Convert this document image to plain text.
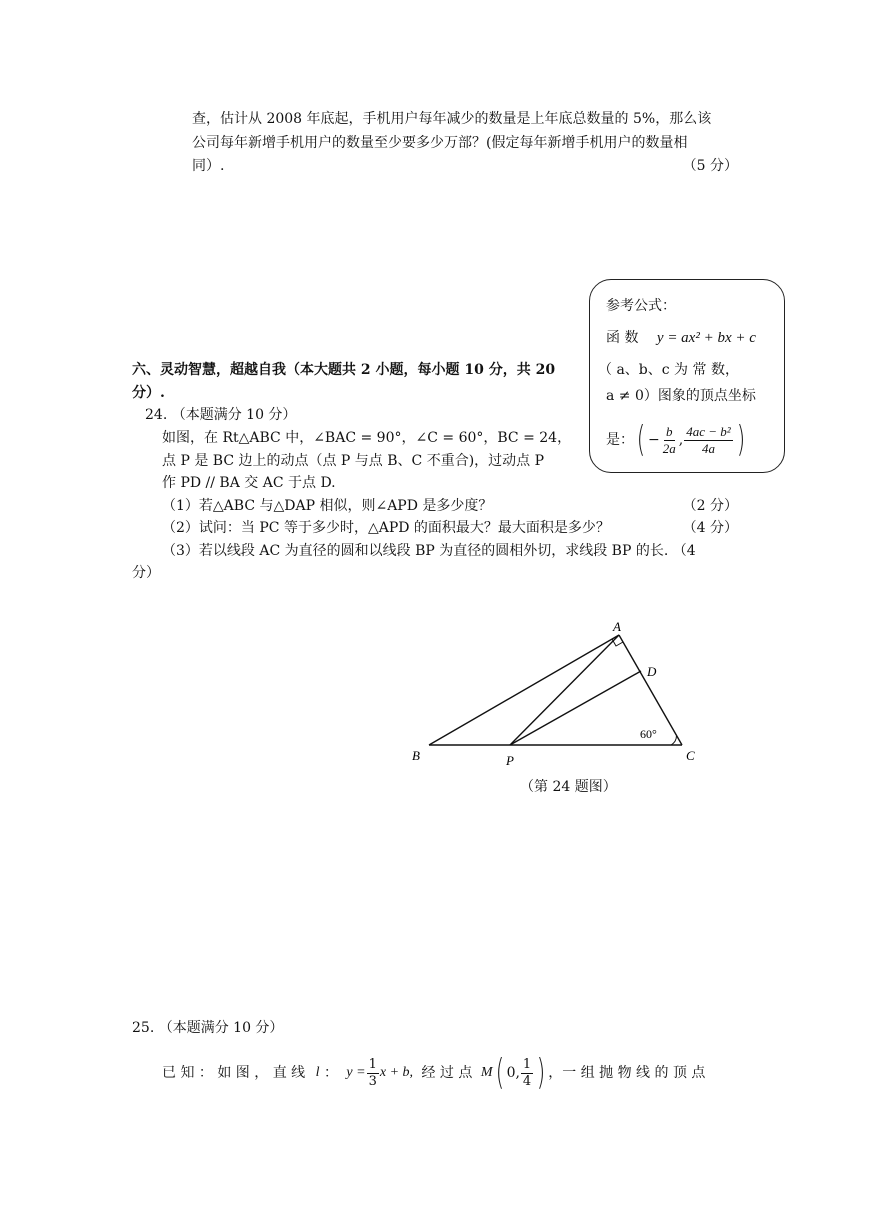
查，估计从 2008 年底起，手机用户每年减少的数量是上年底总数量的 5%，那么该
公司每年新增手机用户的数量至少要多少万部？(假定每年新增手机用户的数量相
同）.	（5 分）
参考公式：
函 数 y = ax² + bx + c
（ a、b、c 为 常 数，
a ≠ 0）图象的顶点坐标
是：( − $\frac{b}{2a}$ , $\frac{\text{4ac − b²}}{4a}$ )
六、灵动智慧，超越自我（本大题共 2 小题，每小题 10 分，共 20
分）.
24. （本题满分 10 分）
如图，在 Rt△ABC 中，∠BAC = 90°，∠C = 60°，BC = 24，
点 P 是 BC 边上的动点（点 P 与点 B、C 不重合)，过动点 P
作 PD // BA 交 AC 于点 D.
（1）若△ABC 与△DAP 相似，则∠APD 是多少度？	（2 分）
（2）试问：当 PC 等于多少时，△APD 的面积最大？最大面积是多少？	（4 分）
（3）若以线段 AC 为直径的圆和以线段 BP 为直径的圆相外切，求线段 BP 的长. （4
分）
A
B	C
D
P
60°
（第 24 题图）
25. （本题满分 10 分）
已 知 ： 如 图 ， 直 线 l ： $y = \frac{1}{3}$ x + b, 经 过 点 M( 0, $\frac{1}{4}$ ) ，一 组 抛 物 线 的 顶 点
